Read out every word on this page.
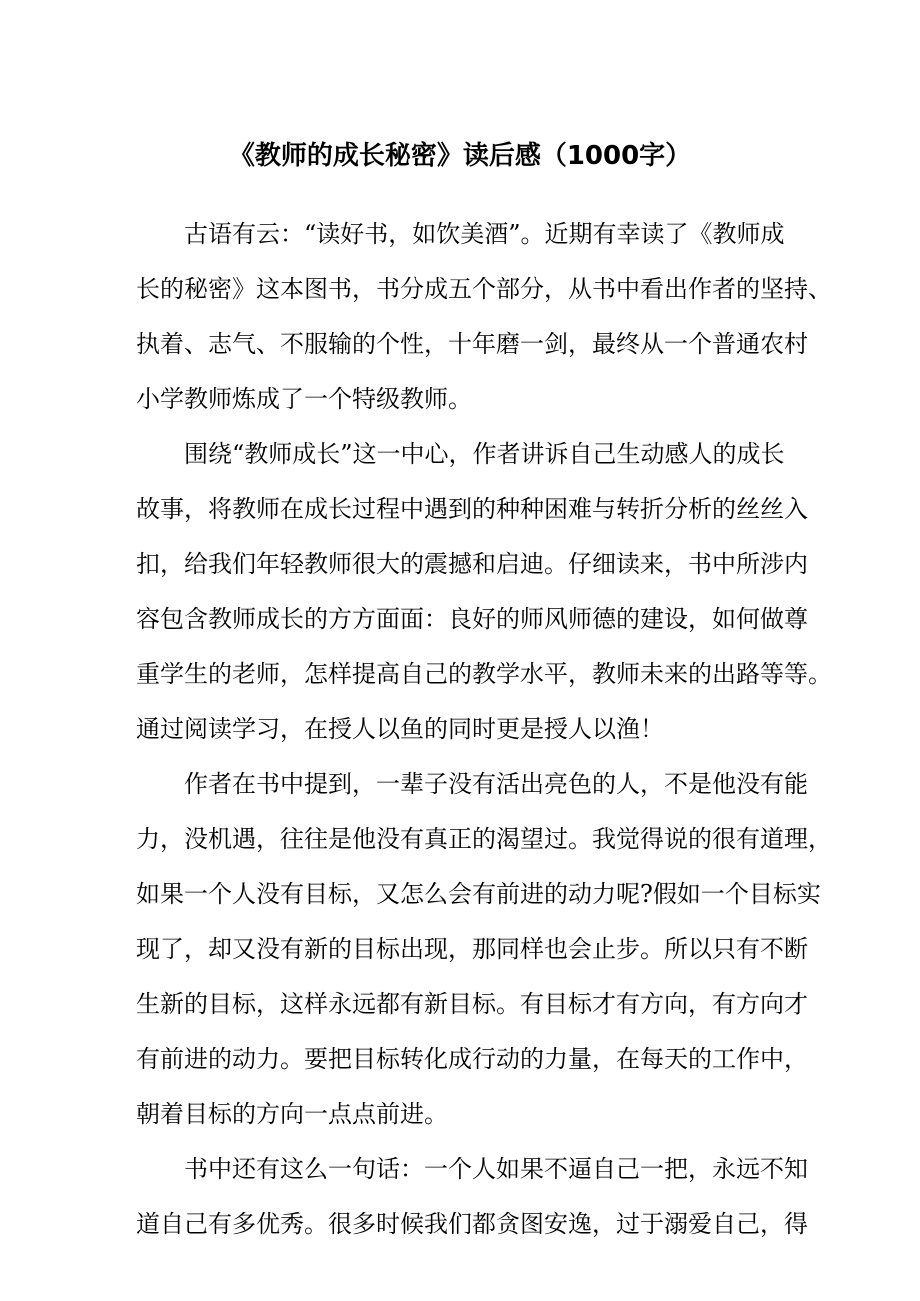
《教师的成长秘密》读后感（1000字）

古语有云：“读好书，如饮美酒”。近期有幸读了《教师成

长的秘密》这本图书，书分成五个部分，从书中看出作者的坚持、

执着、志气、不服输的个性，十年磨一剑，最终从一个普通农村

小学教师炼成了一个特级教师。

围绕“教师成长”这一中心，作者讲诉自己生动感人的成长

故事，将教师在成长过程中遇到的种种困难与转折分析的丝丝入

扣，给我们年轻教师很大的震撼和启迪。仔细读来，书中所涉内

容包含教师成长的方方面面：良好的师风师德的建设，如何做尊

重学生的老师，怎样提高自己的教学水平，教师未来的出路等等。

通过阅读学习，在授人以鱼的同时更是授人以渔！

作者在书中提到，一辈子没有活出亮色的人，不是他没有能

力，没机遇，往往是他没有真正的渴望过。我觉得说的很有道理，

如果一个人没有目标，又怎么会有前进的动力呢?假如一个目标实

现了，却又没有新的目标出现，那同样也会止步。所以只有不断

生新的目标，这样永远都有新目标。有目标才有方向，有方向才

有前进的动力。要把目标转化成行动的力量，在每天的工作中，

朝着目标的方向一点点前进。

书中还有这么一句话：一个人如果不逼自己一把，永远不知

道自己有多优秀。很多时候我们都贪图安逸，过于溺爱自己，得
